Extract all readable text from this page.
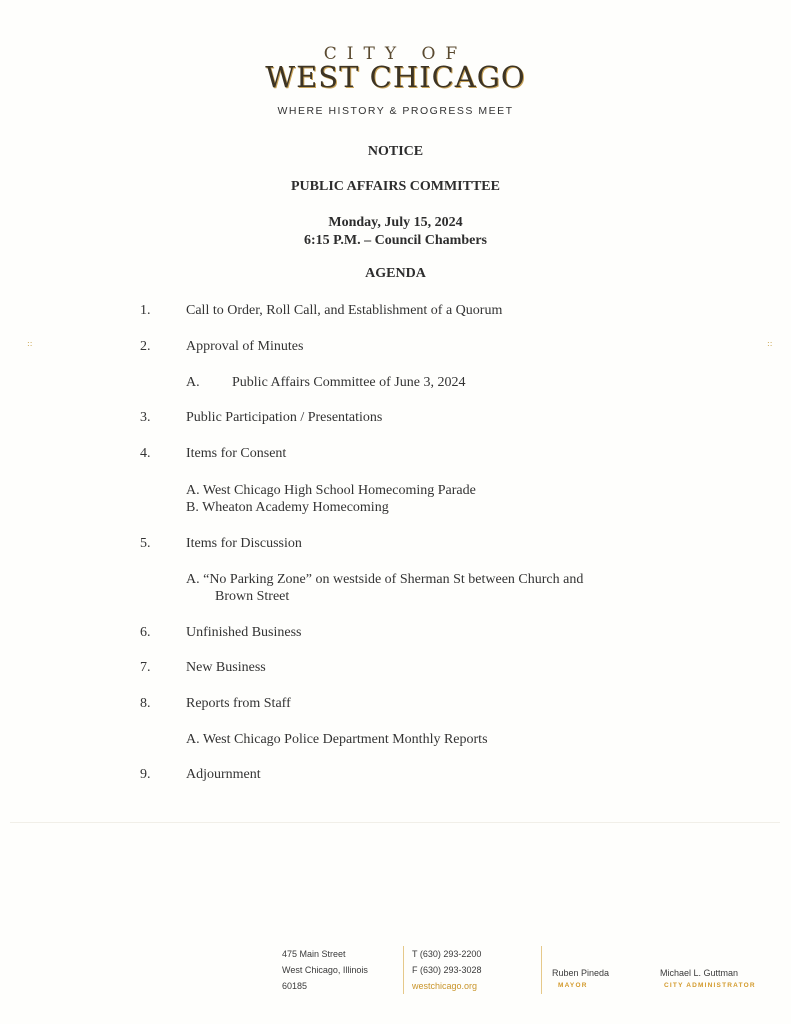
CITY OF
WEST CHICAGO
WHERE HISTORY & PROGRESS MEET
NOTICE
PUBLIC AFFAIRS COMMITTEE
Monday, July 15, 2024
6:15 P.M. – Council Chambers
AGENDA
::	::
1.	Call to Order, Roll Call, and Establishment of a Quorum
2.	Approval of Minutes
A. Public Affairs Committee of June 3, 2024
3.	Public Participation / Presentations
4.	Items for Consent
A. West Chicago High School Homecoming Parade
B. Wheaton Academy Homecoming
5.	Items for Discussion
A. “No Parking Zone” on westside of Sherman St between Church and
Brown Street
6.	Unfinished Business
7.	New Business
8.	Reports from Staff
A. West Chicago Police Department Monthly Reports
9.	Adjournment
475 Main Street
West Chicago, Illinois
60185
T (630) 293-2200
F (630) 293-3028
westchicago.org
Ruben Pineda
MAYOR
Michael L. Guttman
CITY ADMINISTRATOR
